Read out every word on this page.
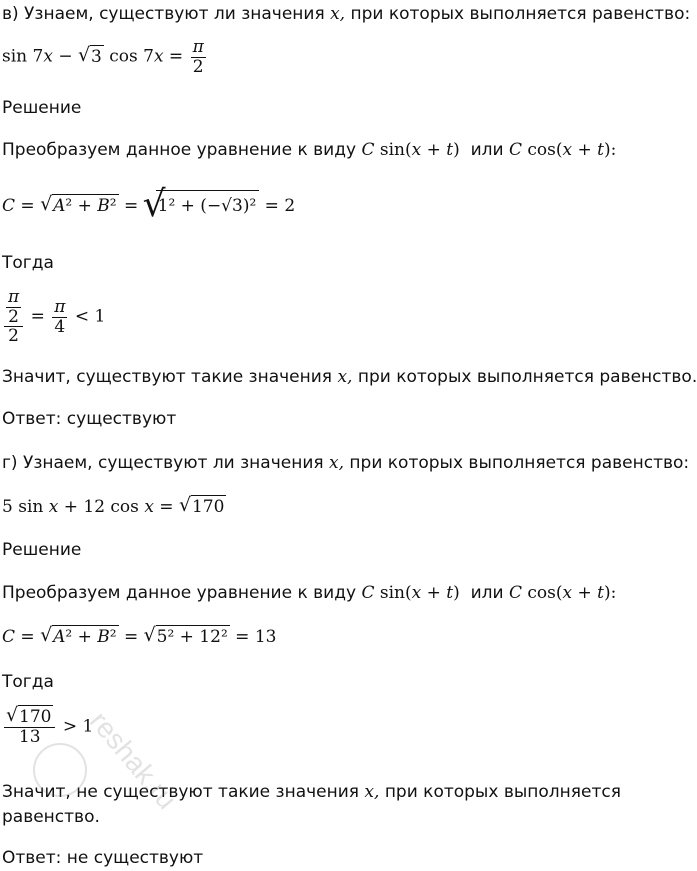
в) Узнаем, существуют ли значения x, при которых выполняется равенство:
sin 7x − √ 3 $\cos 7x = \frac{\pi}{2}$
Решение
Преобразуем данное уравнение к виду C sin(x + t) или C cos(x + t):
C = √ A² + B² = √ 1² + (−√3)² = 2
Тогда
$\frac{\frac{\pi}{2}}{2} = \frac{\pi}{4} < 1$
Значит, существуют такие значения x, при которых выполняется равенство.
Ответ: существуют
г) Узнаем, существуют ли значения x, при которых выполняется равенство:
5 sin x + 12 cos x = √ 170
Решение
Преобразуем данное уравнение к виду C sin(x + t) или C cos(x + t):
C = √ A² + B² = √ 5² + 12² = 13
Тогда
√ $\frac{170}{13} > 1$
Значит, не существуют такие значения x, при которых выполняется
равенство.
Ответ: не существуют
reshak.ru
